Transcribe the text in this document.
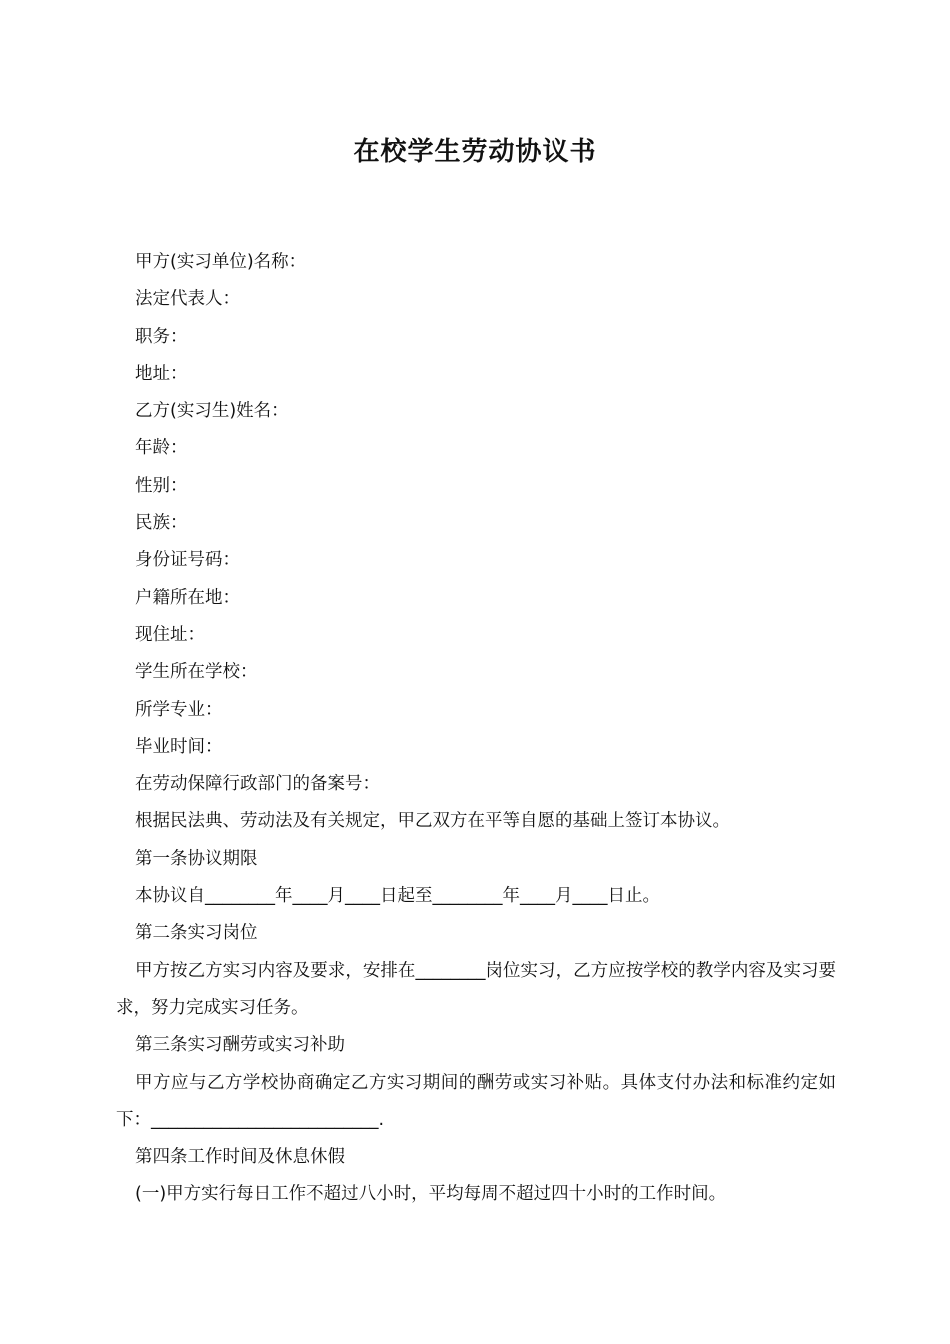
在校学生劳动协议书

甲方(实习单位)名称：

法定代表人：

职务：

地址：

乙方(实习生)姓名：

年龄：

性别：

民族：

身份证号码：

户籍所在地：

现住址：

学生所在学校：

所学专业：

毕业时间：

在劳动保障行政部门的备案号：

根据民法典、劳动法及有关规定，甲乙双方在平等自愿的基础上签订本协议。

第一条协议期限

本协议自________年____月____日起至________年____月____日止。

第二条实习岗位

甲方按乙方实习内容及要求，安排在________岗位实习，乙方应按学校的教学内容及实习要求，努力完成实习任务。

第三条实习酬劳或实习补助

甲方应与乙方学校协商确定乙方实习期间的酬劳或实习补贴。具体支付办法和标准约定如下：__________________________.

第四条工作时间及休息休假

(一)甲方实行每日工作不超过八小时，平均每周不超过四十小时的工作时间。
